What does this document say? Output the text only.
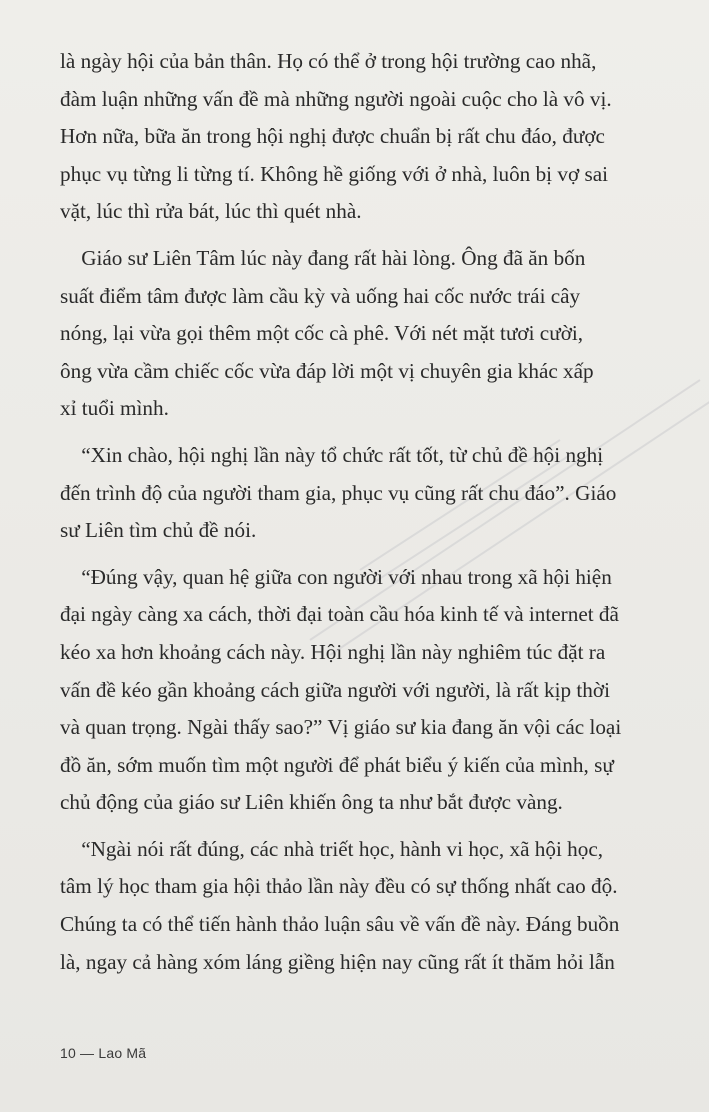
là ngày hội của bản thân. Họ có thể ở trong hội trường cao nhã,
đàm luận những vấn đề mà những người ngoài cuộc cho là vô vị.
Hơn nữa, bữa ăn trong hội nghị được chuẩn bị rất chu đáo, được
phục vụ từng li từng tí. Không hề giống với ở nhà, luôn bị vợ sai
vặt, lúc thì rửa bát, lúc thì quét nhà.
Giáo sư Liên Tâm lúc này đang rất hài lòng. Ông đã ăn bốn
suất điểm tâm được làm cầu kỳ và uống hai cốc nước trái cây
nóng, lại vừa gọi thêm một cốc cà phê. Với nét mặt tươi cười,
ông vừa cầm chiếc cốc vừa đáp lời một vị chuyên gia khác xấp
xỉ tuổi mình.
“Xin chào, hội nghị lần này tổ chức rất tốt, từ chủ đề hội nghị
đến trình độ của người tham gia, phục vụ cũng rất chu đáo”. Giáo
sư Liên tìm chủ đề nói.
“Đúng vậy, quan hệ giữa con người với nhau trong xã hội hiện
đại ngày càng xa cách, thời đại toàn cầu hóa kinh tế và internet đã
kéo xa hơn khoảng cách này. Hội nghị lần này nghiêm túc đặt ra
vấn đề kéo gần khoảng cách giữa người với người, là rất kịp thời
và quan trọng. Ngài thấy sao?” Vị giáo sư kia đang ăn vội các loại
đồ ăn, sớm muốn tìm một người để phát biểu ý kiến của mình, sự
chủ động của giáo sư Liên khiến ông ta như bắt được vàng.
“Ngài nói rất đúng, các nhà triết học, hành vi học, xã hội học,
tâm lý học tham gia hội thảo lần này đều có sự thống nhất cao độ.
Chúng ta có thể tiến hành thảo luận sâu về vấn đề này. Đáng buồn
là, ngay cả hàng xóm láng giềng hiện nay cũng rất ít thăm hỏi lẫn
10 — Lao Mã
